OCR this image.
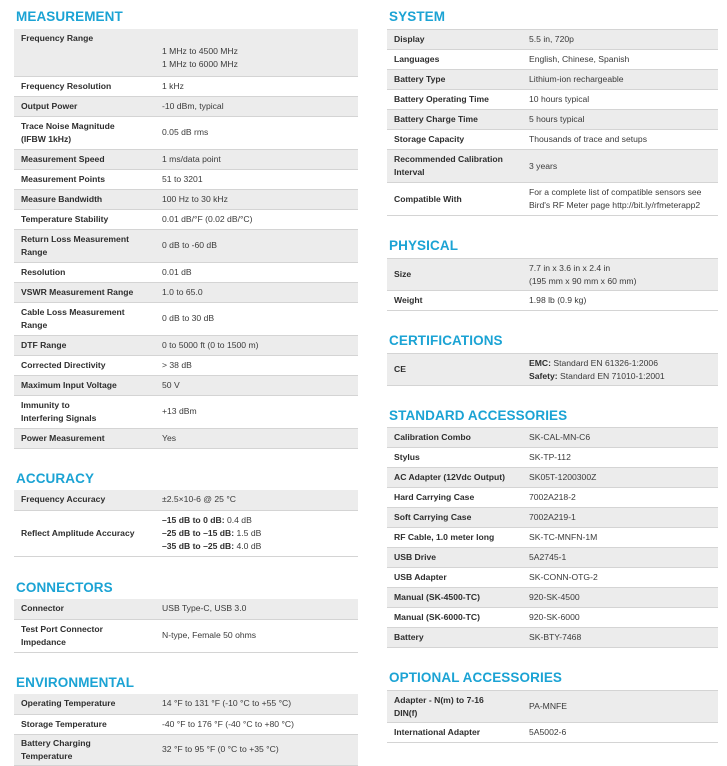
MEASUREMENT
Frequency Range	1 MHz to 4500 MHz
1 MHz to 6000 MHz

Frequency Resolution	1 kHz
Output Power	-10 dBm, typical

Trace Noise Magnitude
(IFBW 1kHz)	0.05 dB rms
Measurement Speed	1 ms/data point
Measurement Points	51 to 3201
Measure Bandwidth	100 Hz to 30 kHz
Temperature Stability	0.01 dB/°F (0.02 dB/°C)

Return Loss Measurement
Range	0 dB to -60 dB
Resolution	0.01 dB
VSWR Measurement Range	1.0 to 65.0

Cable Loss Measurement
Range	0 dB to 30 dB
DTF Range	0 to 5000 ft (0 to 1500 m)
Corrected Directivity	> 38 dB
Maximum Input Voltage	50 V

Immunity to
Interfering Signals	+13 dBm
Power Measurement	Yes
ACCURACY
Frequency Accuracy	±2.5×10-6 @ 25 °C
Reflect Amplitude Accuracy	–15 dB to 0 dB: 0.4 dB
–25 dB to –15 dB: 1.5 dB
–35 dB to –25 dB: 4.0 dB
CONNECTORS
Connector	USB Type-C, USB 3.0

Test Port Connector
Impedance	N-type, Female 50 ohms
ENVIRONMENTAL
Operating Temperature	14 °F to 131 °F (-10 °C to +55 °C)
Storage Temperature	-40 °F to 176 °F (-40 °C to +80 °C)

Battery Charging
Temperature	32 °F to 95 °F (0 °C to +35 °C)
SYSTEM
Display	5.5 in, 720p
Languages	English, Chinese, Spanish
Battery Type	Lithium-ion rechargeable
Battery Operating Time	10 hours typical
Battery Charge Time	5 hours typical
Storage Capacity	Thousands of trace and setups

Recommended Calibration
Interval	3 years
Compatible With	For a complete list of compatible sensors see
Bird's RF Meter page http://bit.ly/rfmeterapp2
PHYSICAL
Size	7.7 in x 3.6 in x 2.4 in
(195 mm x 90 mm x 60 mm)

Weight	1.98 lb (0.9 kg)
CERTIFICATIONS
CE	
EMC: Standard EN 61326-1:2006
Safety: Standard EN 71010-1:2001
STANDARD ACCESSORIES
Calibration Combo	SK-CAL-MN-C6
Stylus	SK-TP-112
AC Adapter (12Vdc Output)	SK05T-1200300Z
Hard Carrying Case	7002A218-2
Soft Carrying Case	7002A219-1
RF Cable, 1.0 meter long	SK-TC-MNFN-1M
USB Drive	5A2745-1
USB Adapter	SK-CONN-OTG-2
Manual (SK-4500-TC)	920-SK-4500
Manual (SK-6000-TC)	920-SK-6000
Battery	SK-BTY-7468
OPTIONAL ACCESSORIES
Adapter - N(m) to 7-16
DIN(f)	PA-MNFE
International Adapter	5A5002-6
